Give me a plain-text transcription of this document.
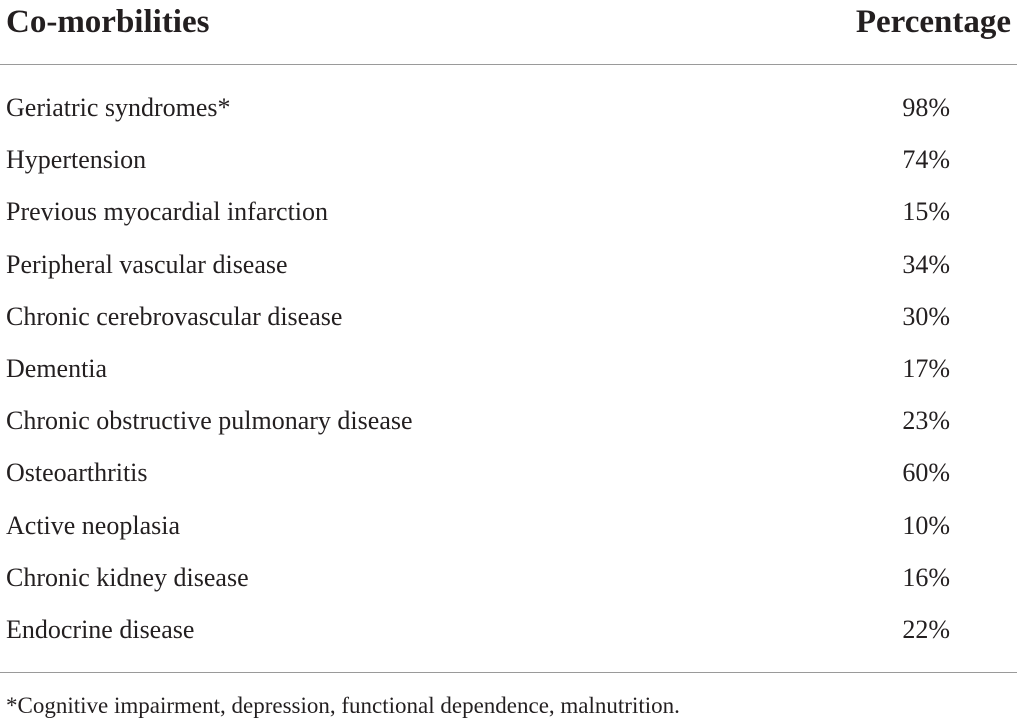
Co-morbilities	Percentage
Geriatric syndromes*	98%
Hypertension	74%
Previous myocardial infarction	15%
Peripheral vascular disease	34%
Chronic cerebrovascular disease	30%
Dementia	17%
Chronic obstructive pulmonary disease	23%
Osteoarthritis	60%
Active neoplasia	10%
Chronic kidney disease	16%
Endocrine disease	22%
*Cognitive impairment, depression, functional dependence, malnutrition.
